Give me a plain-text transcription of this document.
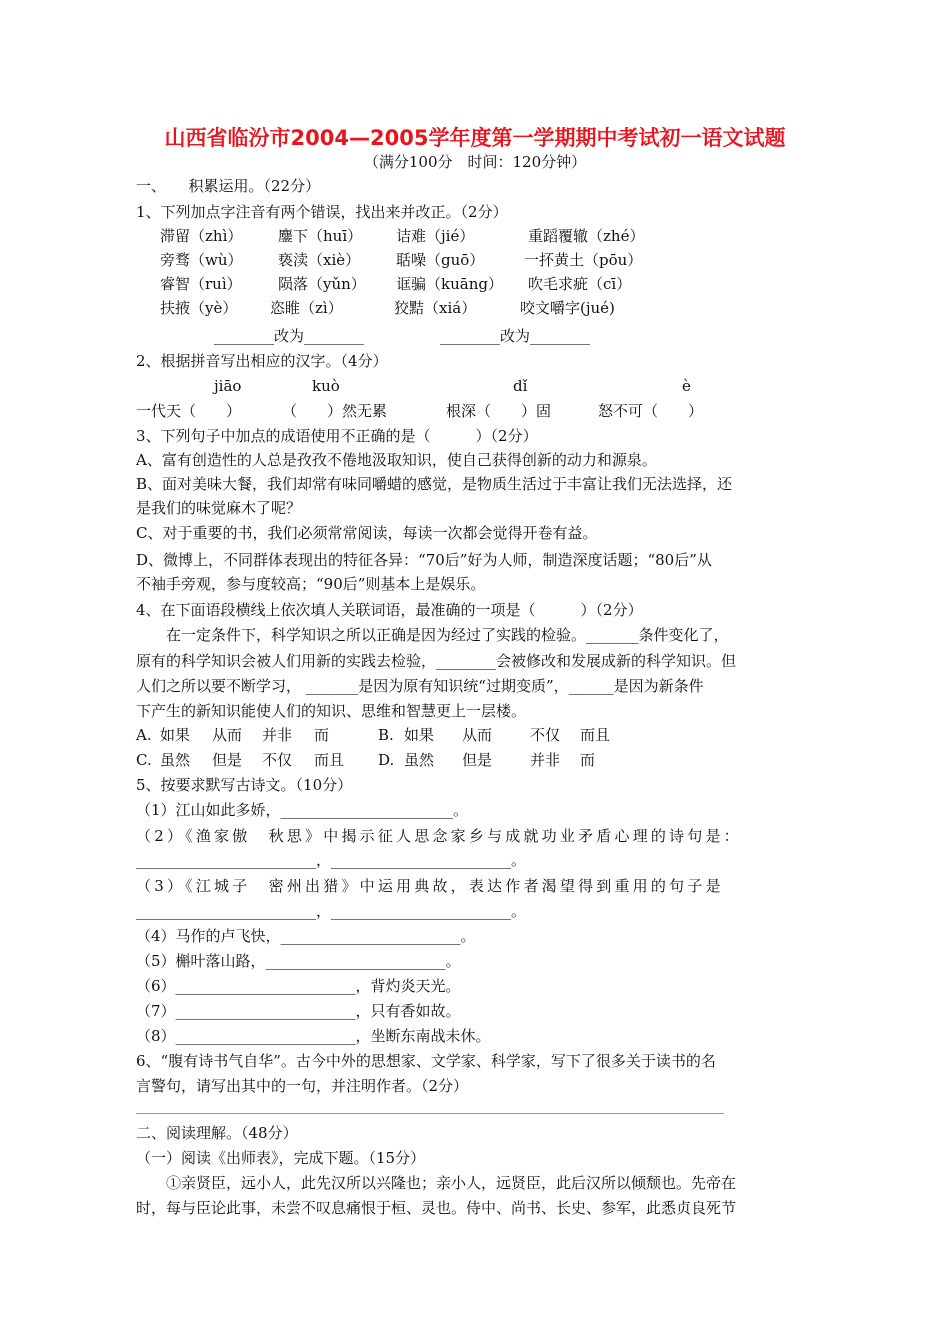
山西省临汾市2004—2005学年度第一学期期中考试初一语文试题
（满分100分　时间：120分钟）
一、　　积累运用。（22分）
1、下列加点字注音有两个错误，找出来并改正。（2分）
滞留（zhì） 鏖下（huī） 诘难（jié）	重蹈覆辙（zhé）
旁骛（wù） 亵渎（xiè） 聒噪（guō）	一抔黄土（pōu）
睿智（ruì） 陨落（yǔn） 诓骗（kuāng） 吹毛求疵（cī）
扶掖（yè） 恣睢（zì）	狡黠（xiá）	咬文嚼字(jué)
________改为________	________改为________
2、根据拼音写出相应的汉字。（4分）
jiāo	kuò	dǐ	è
一代天（　　）	（　　）然无累	根深（　　）固	怒不可（　　）
3、下列句子中加点的成语使用不正确的是（　　　）（2分）
A、富有创造性的人总是孜孜不倦地汲取知识，使自己获得创新的动力和源泉。
B、面对美味大餐，我们却常有味同嚼蜡的感觉，是物质生活过于丰富让我们无法选择，还
是我们的味觉麻木了呢？
C、对于重要的书，我们必须常常阅读，每读一次都会觉得开卷有益。
D、微博上，不同群体表现出的特征各异：“70后”好为人师，制造深度话题；“80后”从
不袖手旁观，参与度较高；“90后”则基本上是娱乐。
4、在下面语段横线上依次填人关联词语，最准确的一项是（　　　）（2分）
　　在一定条件下，科学知识之所以正确是因为经过了实践的检验。_______条件变化了，
原有的科学知识会被人们用新的实践去检验，________会被修改和发展成新的科学知识。但
人们之所以要不断学习， _______是因为原有知识统“过期变质”，______是因为新条件
下产生的新知识能使人们的知识、思维和智慧更上一层楼。
A. 如果 从而 并非 而	B. 如果 从而	不仅 而且
C. 虽然 但是 不仅 而且 D. 虽然 但是	并非 而
5、按要求默写古诗文。（10分）
（1）江山如此多娇，_______________________。
（2）《渔家傲　秋思》中揭示征人思念家乡与成就功业矛盾心理的诗句是：
________________________，________________________。
（3）《江城子　密州出猎》中运用典故，表达作者渴望得到重用的句子是
________________________，________________________。
（4）马作的卢飞快，________________________。
（5）槲叶落山路，________________________。
（6）________________________，背灼炎天光。
（7）________________________，只有香如故。
（8）________________________，坐断东南战未休。
6、“腹有诗书气自华”。古今中外的思想家、文学家、科学家，写下了很多关于读书的名
言警句，请写出其中的一句，并注明作者。（2分）
二、阅读理解。（48分）
（一）阅读《出师表》，完成下题。（15分）
　　①亲贤臣，远小人，此先汉所以兴隆也；亲小人，远贤臣，此后汉所以倾颓也。先帝在
时，每与臣论此事，未尝不叹息痛恨于桓、灵也。侍中、尚书、长史、参军，此悉贞良死节
